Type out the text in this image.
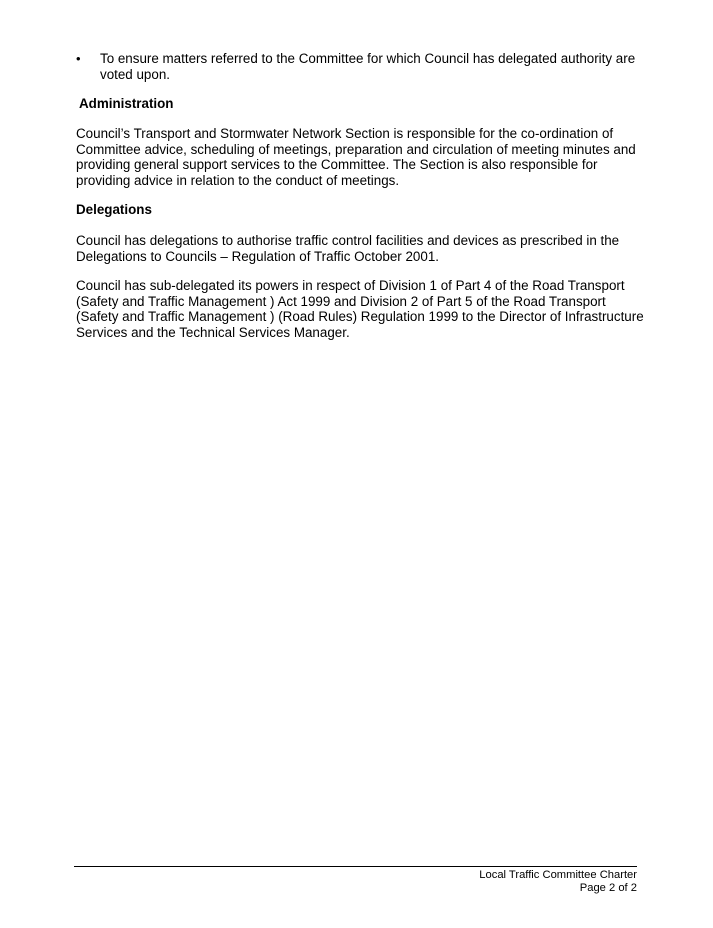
• To ensure matters referred to the Committee for which Council has delegated authority are voted upon.

Administration

Council’s Transport and Stormwater Network Section is responsible for the co-ordination of Committee advice, scheduling of meetings, preparation and circulation of meeting minutes and providing general support services to the Committee. The Section is also responsible for providing advice in relation to the conduct of meetings.

Delegations

Council has delegations to authorise traffic control facilities and devices as prescribed in the Delegations to Councils – Regulation of Traffic October 2001.

Council has sub-delegated its powers in respect of Division 1 of Part 4 of the Road Transport (Safety and Traffic Management ) Act 1999 and Division 2 of Part 5 of the Road Transport (Safety and Traffic Management ) (Road Rules) Regulation 1999 to the Director of Infrastructure Services and the Technical Services Manager.

Local Traffic Committee Charter

Page 2 of 2
